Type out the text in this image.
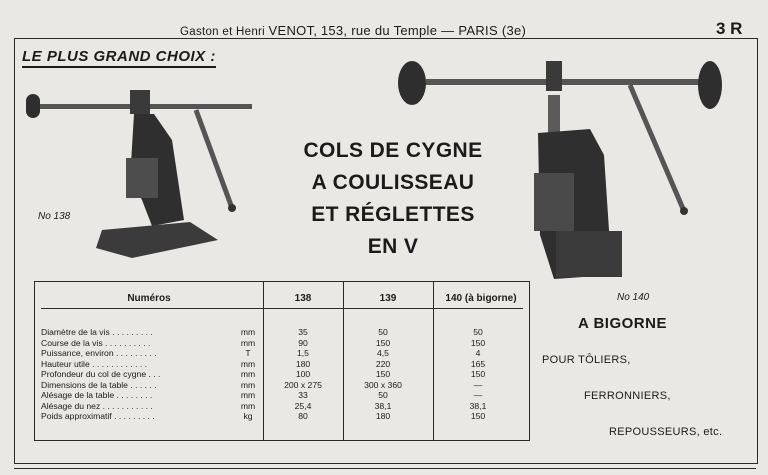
Gaston et Henri VENOT, 153, rue du Temple — PARIS (3e)	3 R
LE PLUS GRAND CHOIX :
No 138
No 140
COLS DE CYGNE
A COULISSEAU
ET RÉGLETTES
EN V
A BIGORNE
POUR TÔLIERS,
FERRONNIERS,
REPOUSSEURS, etc.
Numéros	138	139	140 (à bigorne)
Diamètre de la vis . . . . . . . . .	mm	35	50	50
Course de la vis . . . . . . . . . .	mm	90	150	150
Puissance, environ . . . . . . . . .	T	1,5	4,5	4
Hauteur utile . . . . . . . . . . . .	mm	180	220	165
Profondeur du col de cygne . . .	mm	100	150	150
Dimensions de la table . . . . . .	mm	200 x 275	300 x 360	—
Alésage de la table . . . . . . . .	mm	33	50	—
Alésage du nez . . . . . . . . . . .	mm	25,4	38,1	38,1
Poids approximatif . . . . . . . . .	kg	80	180	150
